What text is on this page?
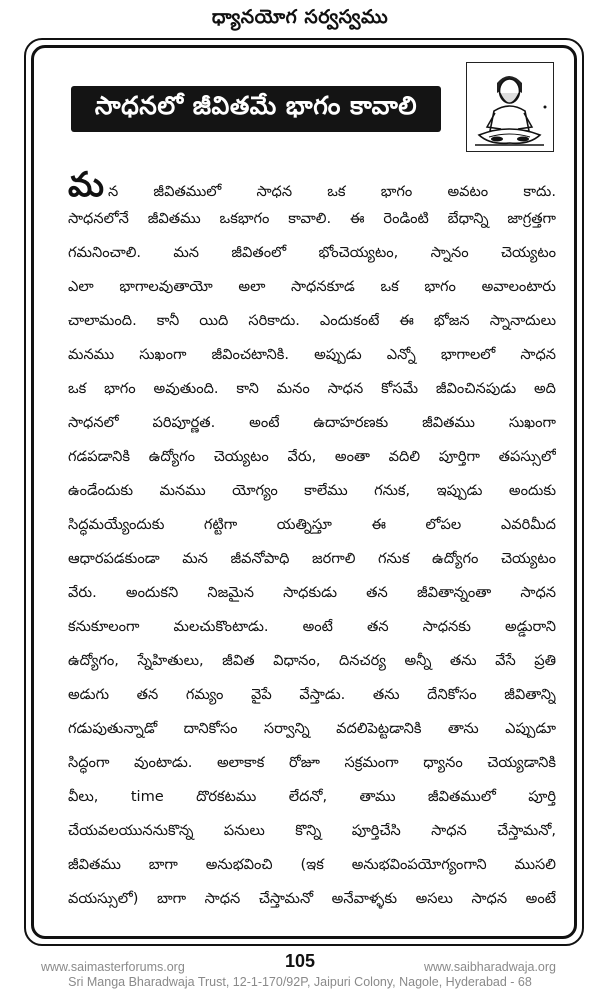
ధ్యానయోగ సర్వస్వము
సాధనలో జీవితమే భాగం కావాలి
మ న జీవితములో సాధన ఒక భాగం అవటం కాదు.
సాధనలోనే జీవితము ఒకభాగం కావాలి. ఈ రెండింటి బేధాన్ని జాగ్రత్తగా
గమనించాలి. మన జీవితంలో భోంచెయ్యటం, స్నానం చెయ్యటం
ఎలా భాగాలవుతాయో అలా సాధనకూడ ఒక భాగం అవాలంటారు
చాలామంది. కానీ యిది సరికాదు. ఎందుకంటే ఈ భోజన స్నానాదులు
మనము సుఖంగా జీవించటానికి. అప్పుడు ఎన్నో భాగాలలో సాధన
ఒక భాగం అవుతుంది. కాని మనం సాధన కోసమే జీవించినపుడు అది
సాధనలో పరిపూర్ణత. అంటే ఉదాహరణకు జీవితము సుఖంగా
గడపడానికి ఉద్యోగం చెయ్యటం వేరు, అంతా వదిలి పూర్తిగా తపస్సులో
ఉండేందుకు మనము యోగ్యం కాలేము గనుక, ఇప్పుడు అందుకు
సిద్ధమయ్యేందుకు గట్టిగా యత్నిస్తూ ఈ లోపల ఎవరిమీద
ఆధారపడకుండా మన జీవనోపాధి జరగాలి గనుక ఉద్యోగం చెయ్యటం
వేరు. అందుకని నిజమైన సాధకుడు తన జీవితాన్నంతా సాధన
కనుకూలంగా మలచుకొంటాడు. అంటే తన సాధనకు అడ్డురాని
ఉద్యోగం, స్నేహితులు, జీవిత విధానం, దినచర్య అన్నీ తను వేసే ప్రతి
అడుగు తన గమ్యం వైపే వేస్తాడు. తను దేనికోసం జీవితాన్ని
గడుపుతున్నాడో దానికోసం సర్వాన్ని వదలిపెట్టడానికి తాను ఎప్పుడూ
సిద్ధంగా వుంటాడు. అలాకాక రోజూ సక్రమంగా ధ్యానం చెయ్యడానికి
వీలు, time దొరకటము లేదనో, తాము జీవితములో పూర్తి
చేయవలయుననుకొన్న పనులు కొన్ని పూర్తిచేసి సాధన చేస్తామనో,
జీవితము బాగా అనుభవించి (ఇక అనుభవింపయోగ్యంగాని ముసలి
వయస్సులో) బాగా సాధన చేస్తామనో అనేవాళ్ళకు అసలు సాధన అంటే
105
www.saimasterforums.org	www.saibharadwaja.org
Sri Manga Bharadwaja Trust, 12-1-170/92P, Jaipuri Colony, Nagole, Hyderabad - 68
